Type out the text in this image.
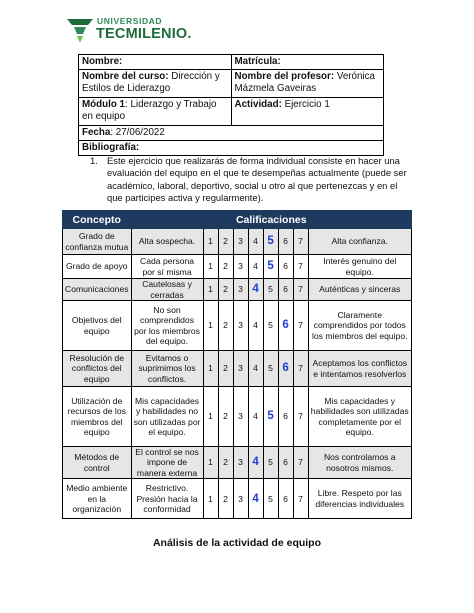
UNIVERSIDAD
TECMILENIO.
Nombre:	Matrícula:
Nombre del curso: Dirección y Estilos de Liderazgo	Nombre del profesor: Verónica Mázmela Gaveiras
Módulo 1: Liderazgo y Trabajo en equipo	Actividad: Ejercicio 1
Fecha: 27/06/2022	
Bibliografía:	
1. Este ejercicio que realizarás de forma individual consiste en hacer una evaluación del equipo en el que te desempeñas actualmente (puede ser académico, laboral, deportivo, social u otro al que pertenezcas y en el que participes activa y regularmente).
Concepto	Calificaciones								
Grado de confianza mutua	Alta sospecha.	1	2	3	4	5	6	7	Alta confianza.
Grado de apoyo	Cada persona por sí misma	1	2	3	4	5	6	7	Interés genuino del equipo.
Comunicaciones	Cautelosas y cerradas	1	2	3	4	5	6	7	Auténticas y sinceras
Objetivos del equipo	No son comprendidos por los miembros del equipo.	1	2	3	4	5	6	7	Claramente comprendidos por todos los miembros del equipo.
Resolución de conflictos del equipo	Evitamos o suprimimos los conflictos.	1	2	3	4	5	6	7	Aceptamos los conflictos e intentamos resolverlos
Utilización de recursos de los miembros del equipo	Mis capacidades y habilidades no son utilizadas por el equipo.	1	2	3	4	5	6	7	Mis capacidades y habilidades son utilizadas completamente por el equipo.
Métodos de control	El control se nos impone de manera externa	1	2	3	4	5	6	7	Nos controlamos a nosotros mismos.
Medio ambiente en la organización	Restrictivo. Presión hacia la conformidad	1	2	3	4	5	6	7	Libre. Respeto por las diferencias individuales
Análisis de la actividad de equipo
